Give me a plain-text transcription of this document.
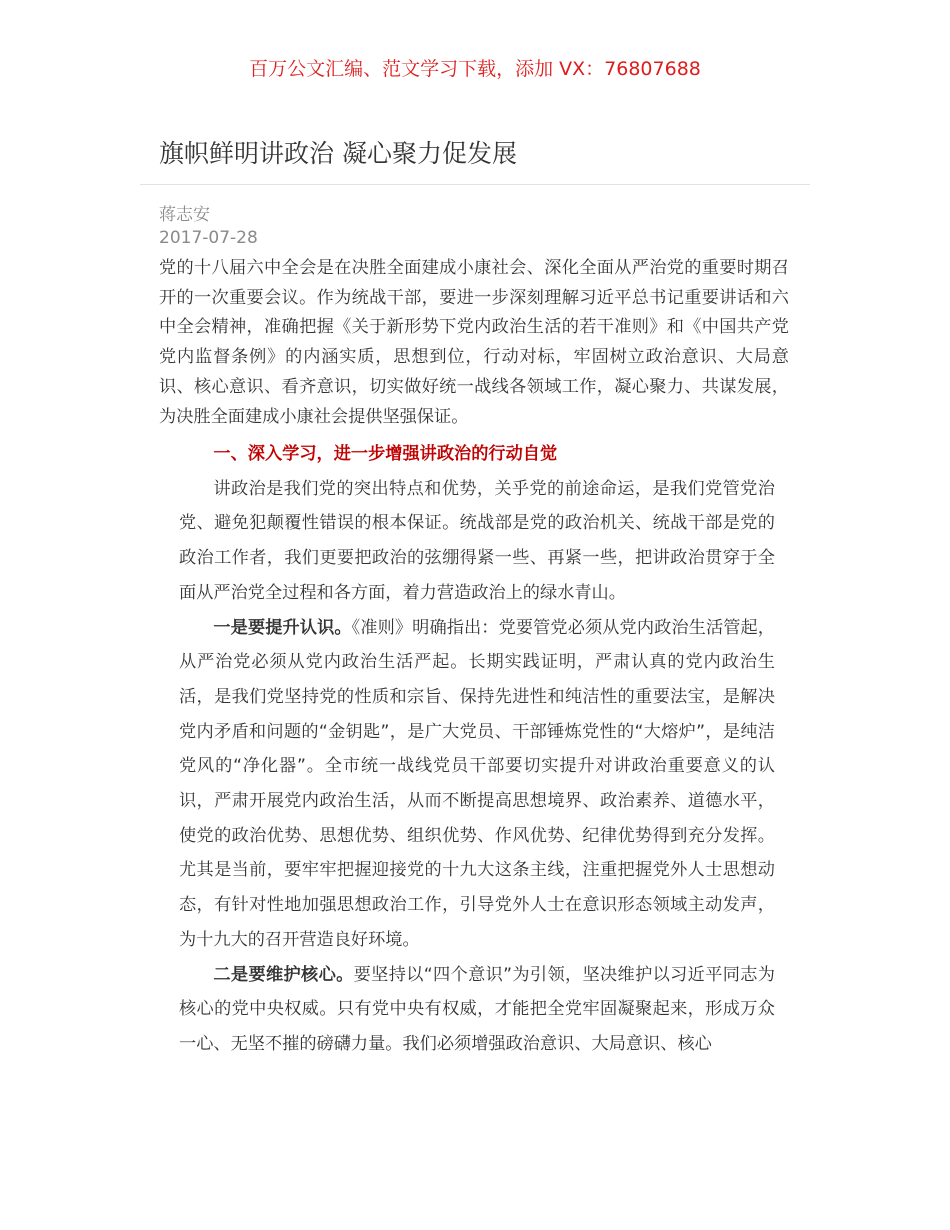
百万公文汇编、范文学习下载，添加 VX：76807688
旗帜鲜明讲政治 凝心聚力促发展
蒋志安
2017-07-28

党的十八届六中全会是在决胜全面建成小康社会、深化全面从严治党的重要时期召开的一次重要会议。作为统战干部，要进一步深刻理解习近平总书记重要讲话和六中全会精神，准确把握《关于新形势下党内政治生活的若干准则》和《中国共产党党内监督条例》的内涵实质，思想到位，行动对标，牢固树立政治意识、大局意识、核心意识、看齐意识，切实做好统一战线各领域工作，凝心聚力、共谋发展，为决胜全面建成小康社会提供坚强保证。

一、深入学习，进一步增强讲政治的行动自觉

讲政治是我们党的突出特点和优势，关乎党的前途命运，是我们党管党治党、避免犯颠覆性错误的根本保证。统战部是党的政治机关、统战干部是党的政治工作者，我们更要把政治的弦绷得紧一些、再紧一些，把讲政治贯穿于全面从严治党全过程和各方面，着力营造政治上的绿水青山。

一是要提升认识。《准则》明确指出：党要管党必须从党内政治生活管起，从严治党必须从党内政治生活严起。长期实践证明，严肃认真的党内政治生活，是我们党坚持党的性质和宗旨、保持先进性和纯洁性的重要法宝，是解决党内矛盾和问题的“金钥匙”，是广大党员、干部锤炼党性的“大熔炉”，是纯洁党风的“净化器”。全市统一战线党员干部要切实提升对讲政治重要意义的认识，严肃开展党内政治生活，从而不断提高思想境界、政治素养、道德水平，使党的政治优势、思想优势、组织优势、作风优势、纪律优势得到充分发挥。尤其是当前，要牢牢把握迎接党的十九大这条主线，注重把握党外人士思想动态，有针对性地加强思想政治工作，引导党外人士在意识形态领域主动发声，为十九大的召开营造良好环境。

二是要维护核心。要坚持以“四个意识”为引领，坚决维护以习近平同志为核心的党中央权威。只有党中央有权威，才能把全党牢固凝聚起来，形成万众一心、无坚不摧的磅礴力量。我们必须增强政治意识、大局意识、核心
